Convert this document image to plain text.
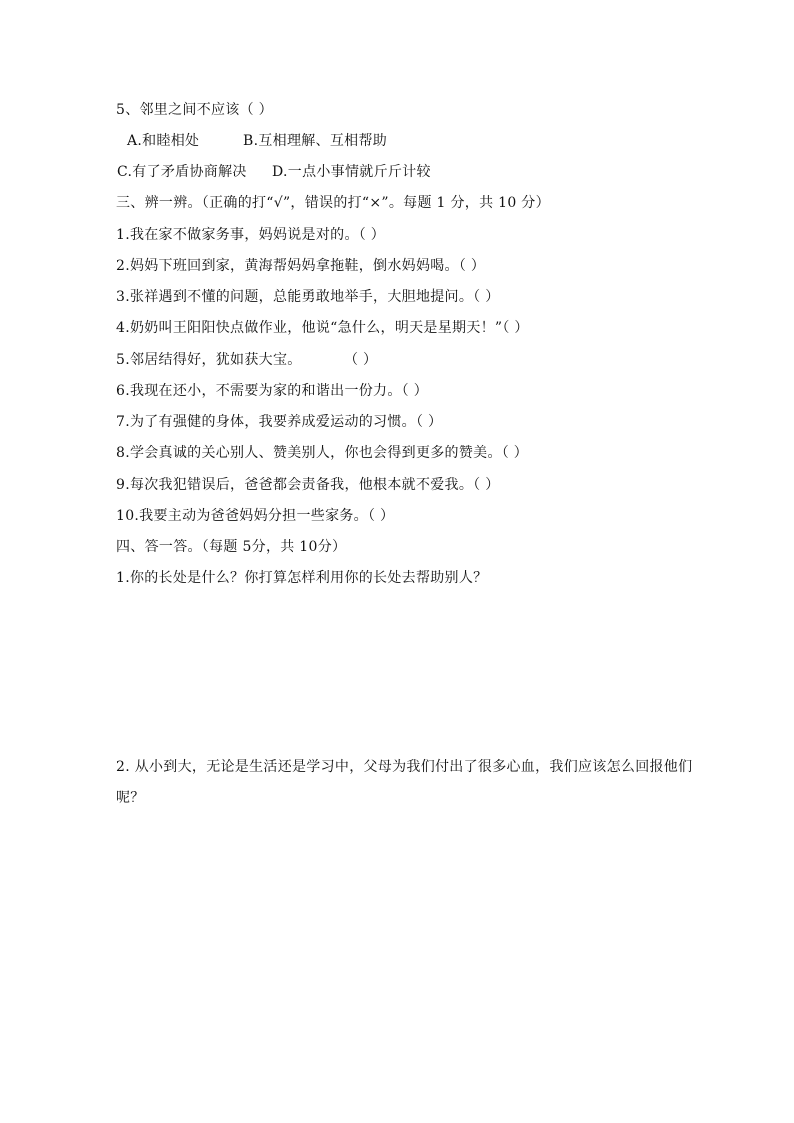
5、邻里之间不应该（ ）
A.和睦相处	B.互相理解、互相帮助
C.有了矛盾协商解决 D.一点小事情就斤斤计较
三、辨一辨。（正确的打“√”，错误的打“×”。每题 1 分，共 10 分）
1.我在家不做家务事，妈妈说是对的。（ ）
2.妈妈下班回到家，黄海帮妈妈拿拖鞋，倒水妈妈喝。（ ）
3.张祥遇到不懂的问题，总能勇敢地举手，大胆地提问。（ ）
4.奶奶叫王阳阳快点做作业，他说“急什么，明天是星期天！”（ ）
5.邻居结得好，犹如获大宝。	（ ）
6.我现在还小，不需要为家的和谐出一份力。（ ）
7.为了有强健的身体，我要养成爱运动的习惯。（ ）
8.学会真诚的关心别人、赞美别人，你也会得到更多的赞美。（ ）
9.每次我犯错误后，爸爸都会责备我，他根本就不爱我。（ ）
10.我要主动为爸爸妈妈分担一些家务。（ ）
四、答一答。（每题 5分，共 10分）
1.你的长处是什么？你打算怎样利用你的长处去帮助别人？
2. 从小到大，无论是生活还是学习中，父母为我们付出了很多心血，我们应该怎么回报他们
呢？
